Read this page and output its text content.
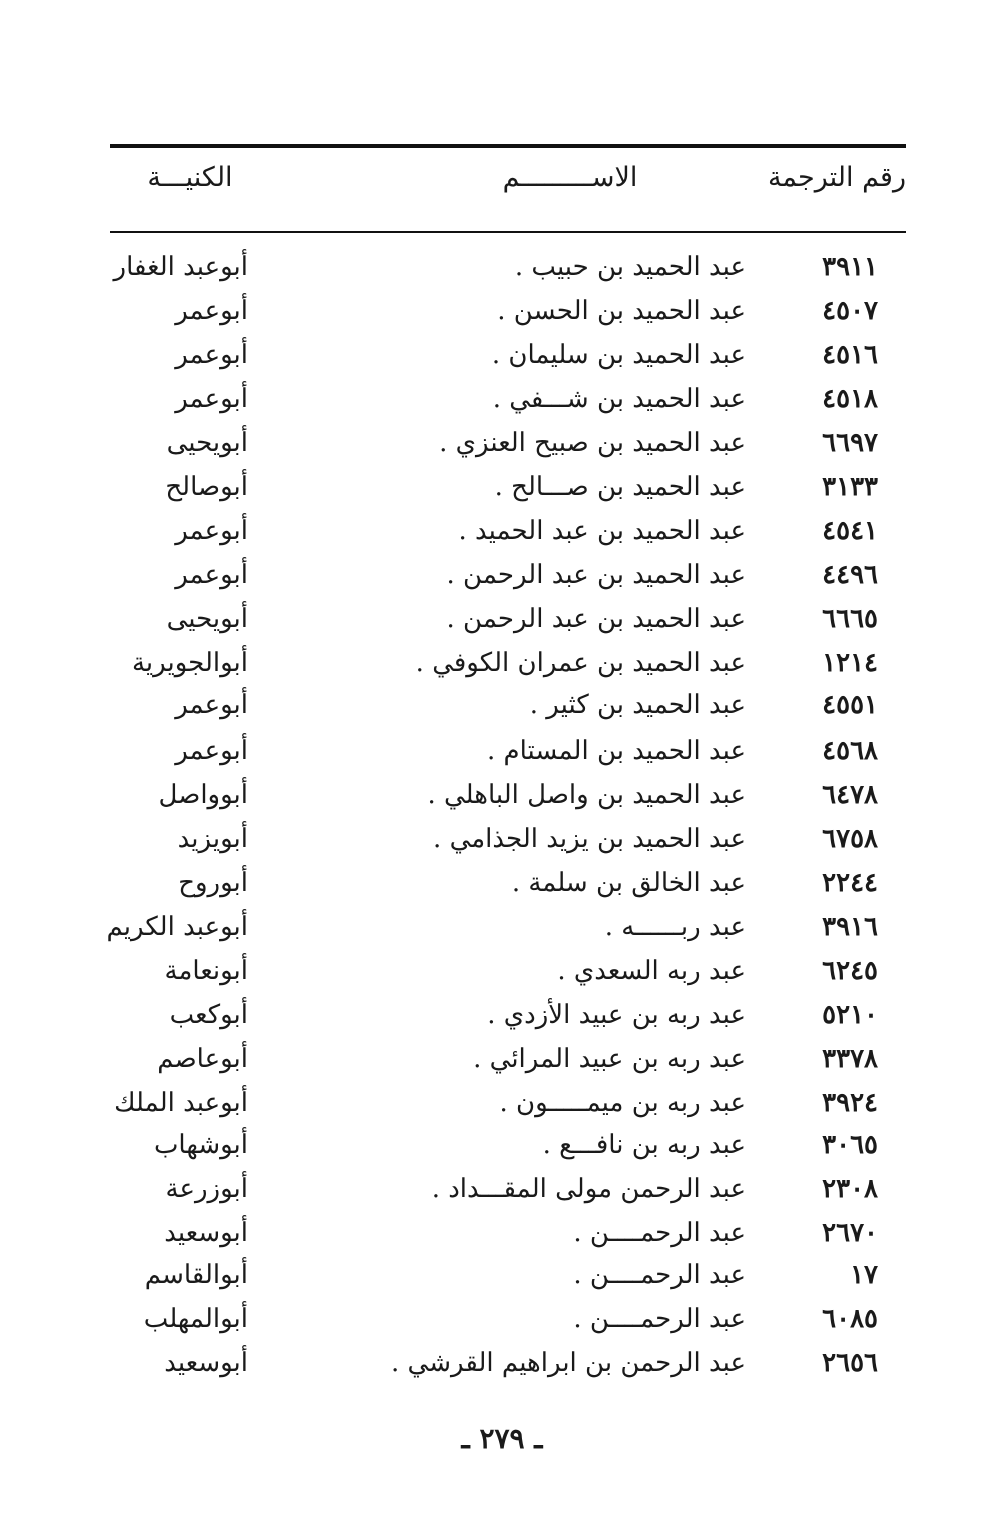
رقم الترجمة
الاســـــــــم
الكنيـــة
٣٩١١
عبد الحميد بن حبيب .
أبوعبد الغفار
٤٥٠٧
عبد الحميد بن الحسن .
أبوعمر
٤٥١٦
عبد الحميد بن سليمان .
أبوعمر
٤٥١٨
عبد الحميد بن شـــفي .
أبوعمر
٦٦٩٧
عبد الحميد بن صبيح العنزي .
أبويحيى
٣١٣٣
عبد الحميد بن صـــالح .
أبوصالح
٤٥٤١
عبد الحميد بن عبد الحميد .
أبوعمر
٤٤٩٦
عبد الحميد بن عبد الرحمن .
أبوعمر
٦٦٦٥
عبد الحميد بن عبد الرحمن .
أبويحيى
١٢١٤
عبد الحميد بن عمران الكوفي .
أبوالجويرية
٤٥٥١
عبد الحميد بن كثير .
أبوعمر
٤٥٦٨
عبد الحميد بن المستام .
أبوعمر
٦٤٧٨
عبد الحميد بن واصل الباهلي .
أبوواصل
٦٧٥٨
عبد الحميد بن يزيد الجذامي .
أبويزيد
٢٢٤٤
عبد الخالق بن سلمة .
أبوروح
٣٩١٦
عبد ربــــــه .
أبوعبد الكريم
٦٢٤٥
عبد ربه السعدي .
أبونعامة
٥٢١٠
عبد ربه بن عبيد الأزدي .
أبوكعب
٣٣٧٨
عبد ربه بن عبيد المرائي .
أبوعاصم
٣٩٢٤
عبد ربه بن ميمـــــون .
أبوعبد الملك
٣٠٦٥
عبد ربه بن نافـــع .
أبوشهاب
٢٣٠٨
عبد الرحمن مولى المقـــداد .
أبوزرعة
٢٦٧٠
عبد الرحمــــن .
أبوسعيد
١٧
عبد الرحمــــن .
أبوالقاسم
٦٠٨٥
عبد الرحمــــن .
أبوالمهلب
٢٦٥٦
عبد الرحمن بن ابراهيم القرشي .
أبوسعيد
ـ ٢٧٩ ـ
